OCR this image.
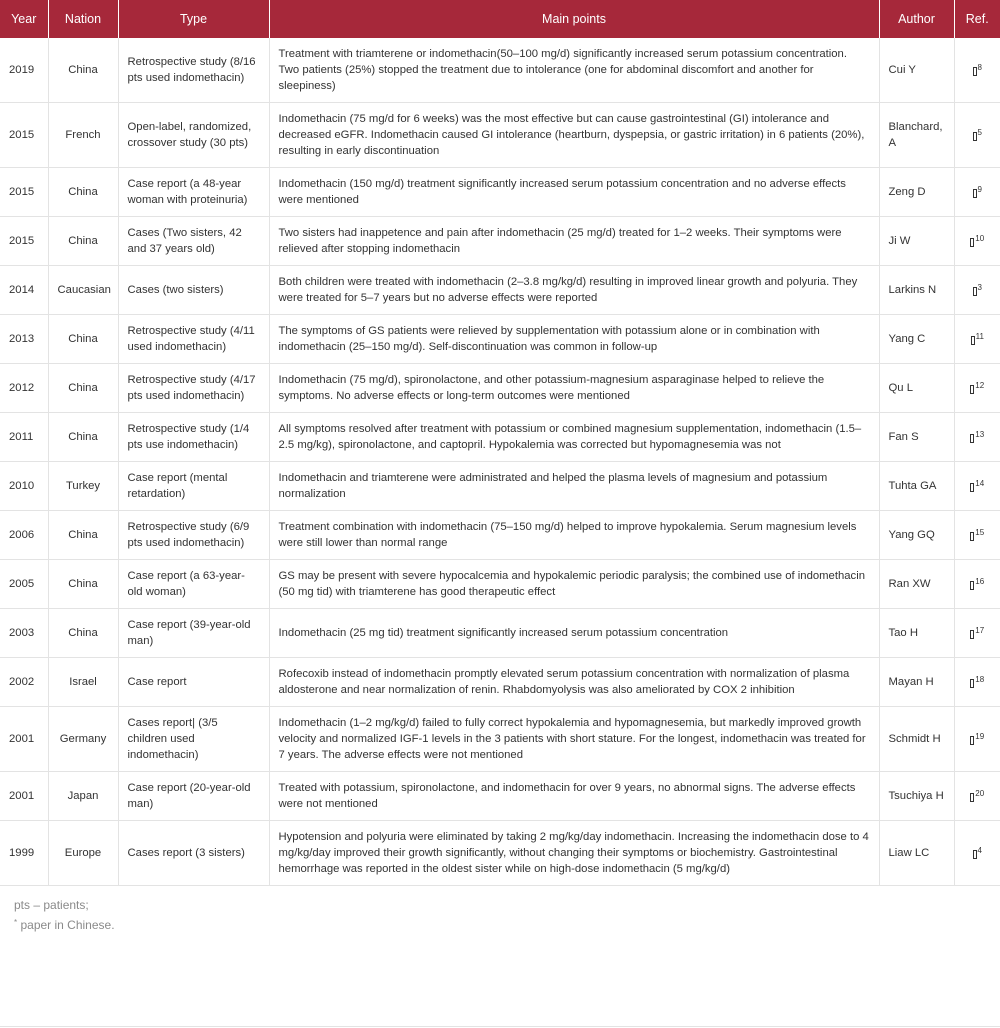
Year	Nation	Type	Main points	Author	Ref.
2019	China	Retrospective study (8/16 pts used indomethacin)	Treatment with triamterene or indomethacin(50–100 mg/d) significantly increased serum potassium concentration. Two patients (25%) stopped the treatment due to intolerance (one for abdominal discomfort and another for sleepiness)	Cui Y	$^8$
2015	French	Open-label, randomized, crossover study (30 pts)	Indomethacin (75 mg/d for 6 weeks) was the most effective but can cause gastrointestinal (GI) intolerance and decreased eGFR. Indomethacin caused GI intolerance (heartburn, dyspepsia, or gastric irritation) in 6 patients (20%), resulting in early discontinuation	Blanchard, A	$^5$
2015	China	Case report (a 48-year woman with proteinuria)	Indomethacin (150 mg/d) treatment significantly increased serum potassium concentration and no adverse effects were mentioned	Zeng D	$^9$
2015	China	Cases (Two sisters, 42 and 37 years old)	Two sisters had inappetence and pain after indomethacin (25 mg/d) treated for 1–2 weeks. Their symptoms were relieved after stopping indomethacin	Ji W	$^{10}$
2014	Caucasian	Cases (two sisters)	Both children were treated with indomethacin (2–3.8 mg/kg/d) resulting in improved linear growth and polyuria. They were treated for 5–7 years but no adverse effects were reported	Larkins N	$^3$
2013	China	Retrospective study (4/11 used indomethacin)	The symptoms of GS patients were relieved by supplementation with potassium alone or in combination with indomethacin (25–150 mg/d). Self-discontinuation was common in follow-up	Yang C	$^{11}$
2012	China	Retrospective study (4/17 pts used indomethacin)	Indomethacin (75 mg/d), spironolactone, and other potassium-magnesium asparaginase helped to relieve the symptoms. No adverse effects or long-term outcomes were mentioned	Qu L	$^{12}$
2011	China	Retrospective study (1/4 pts use indomethacin)	All symptoms resolved after treatment with potassium or combined magnesium supplementation, indomethacin (1.5–2.5 mg/kg), spironolactone, and captopril. Hypokalemia was corrected but hypomagnesemia was not	Fan S	$^{13}$
2010	Turkey	Case report (mental retardation)	Indomethacin and triamterene were administrated and helped the plasma levels of magnesium and potassium normalization	Tuhta GA	$^{14}$
2006	China	Retrospective study (6/9 pts used indomethacin)	Treatment combination with indomethacin (75–150 mg/d) helped to improve hypokalemia. Serum magnesium levels were still lower than normal range	Yang GQ	$^{15}$
2005	China	Case report (a 63-year-old woman)	GS may be present with severe hypocalcemia and hypokalemic periodic paralysis; the combined use of indomethacin (50 mg tid) with triamterene has good therapeutic effect	Ran XW	$^{16}$
2003	China	Case report (39-year-old man)	Indomethacin (25 mg tid) treatment significantly increased serum potassium concentration	Tao H	$^{17}$
2002	Israel	Case report	Rofecoxib instead of indomethacin promptly elevated serum potassium concentration with normalization of plasma aldosterone and near normalization of renin. Rhabdomyolysis was also ameliorated by COX 2 inhibition	Mayan H	$^{18}$
2001	Germany	Cases report| (3/5 children used indomethacin)	Indomethacin (1–2 mg/kg/d) failed to fully correct hypokalemia and hypomagnesemia, but markedly improved growth velocity and normalized IGF-1 levels in the 3 patients with short stature. For the longest, indomethacin was treated for 7 years. The adverse effects were not mentioned	Schmidt H	$^{19}$
2001	Japan	Case report (20-year-old man)	Treated with potassium, spironolactone, and indomethacin for over 9 years, no abnormal signs. The adverse effects were not mentioned	Tsuchiya H	$^{20}$
1999	Europe	Cases report (3 sisters)	Hypotension and polyuria were eliminated by taking 2 mg/kg/day indomethacin. Increasing the indomethacin dose to 4 mg/kg/day improved their growth significantly, without changing their symptoms or biochemistry. Gastrointestinal hemorrhage was reported in the oldest sister while on high-dose indomethacin (5 mg/kg/d)	Liaw LC	$^4$
pts – patients;
* paper in Chinese.
